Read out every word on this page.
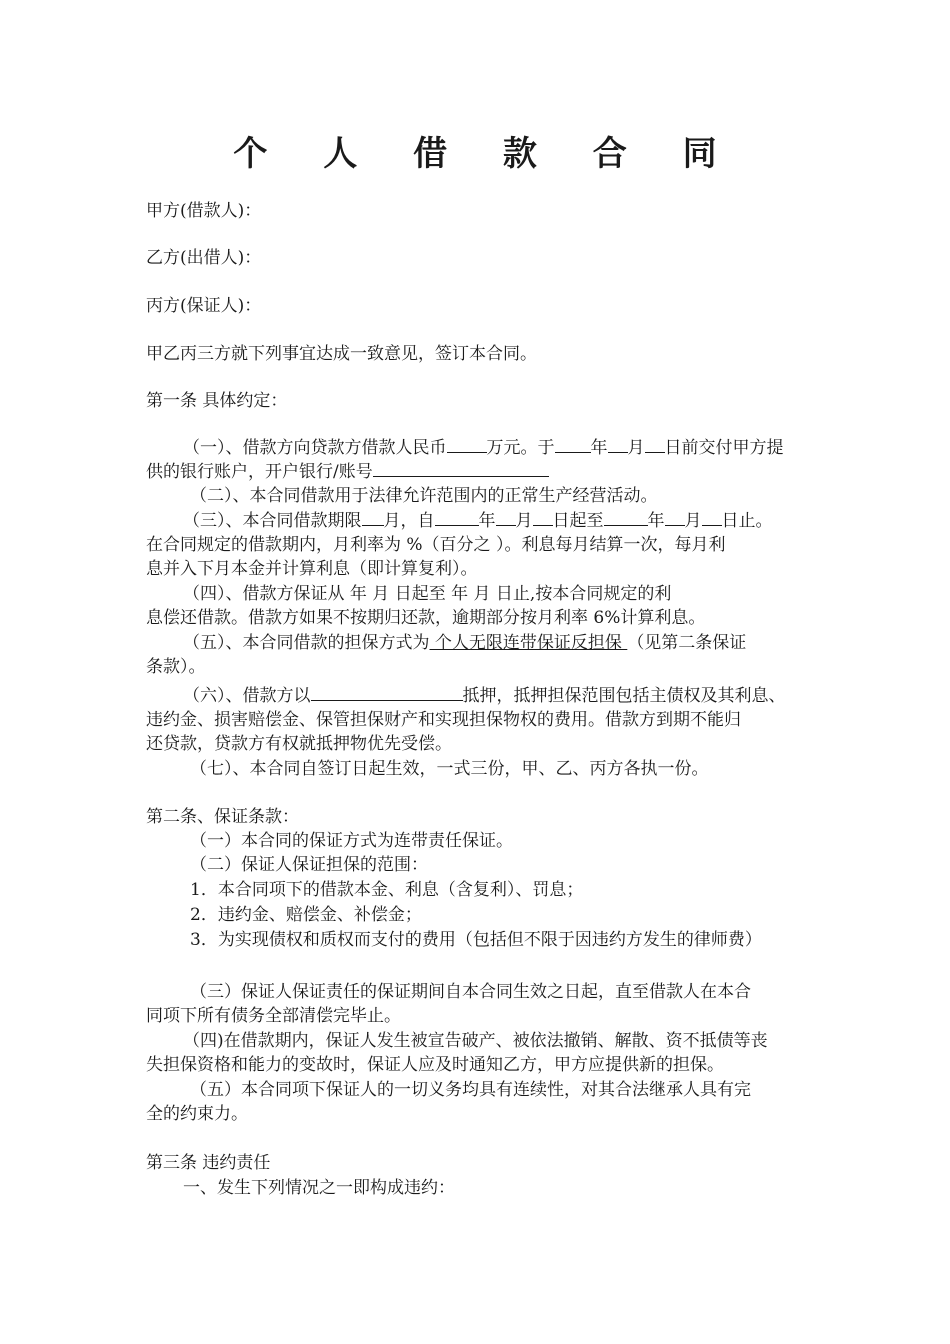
个 人 借 款 合 同
甲方(借款人)：
乙方(出借人)：
丙方(保证人)：
甲乙丙三方就下列事宜达成一致意见，签订本合同。
第一条 具体约定：
（一）、借款方向贷款方借款人民币 万元。于 年 月 日前交付甲方提
供的银行账户，开户银行/账号
（二）、本合同借款用于法律允许范围内的正常生产经营活动。
（三）、本合同借款期限 月，自	年 月 日起至	年 月 日止。
在合同规定的借款期内，月利率为 %（百分之 ）。利息每月结算一次，每月利
息并入下月本金并计算利息（即计算复利）。
（四）、借款方保证从 年 月 日起至 年 月 日止,按本合同规定的利
息偿还借款。借款方如果不按期归还款，逾期部分按月利率 6%计算利息。
（五）、本合同借款的担保方式为 个人无限连带保证反担保 （见第二条保证
条款）。
（六）、借款方以	抵押，抵押担保范围包括主债权及其利息、
违约金、损害赔偿金、保管担保财产和实现担保物权的费用。借款方到期不能归
还贷款，贷款方有权就抵押物优先受偿。
（七）、本合同自签订日起生效，一式三份，甲、乙、丙方各执一份。
第二条、保证条款：
（一）本合同的保证方式为连带责任保证。
（二）保证人保证担保的范围：
1．本合同项下的借款本金、利息（含复利）、罚息；
2．违约金、赔偿金、补偿金；
3．为实现债权和质权而支付的费用（包括但不限于因违约方发生的律师费）
（三）保证人保证责任的保证期间自本合同生效之日起，直至借款人在本合
同项下所有债务全部清偿完毕止。
（四)在借款期内，保证人发生被宣告破产、被依法撤销、解散、资不抵债等丧
失担保资格和能力的变故时，保证人应及时通知乙方，甲方应提供新的担保。
（五）本合同项下保证人的一切义务均具有连续性，对其合法继承人具有完
全的约束力。
第三条 违约责任
一、发生下列情况之一即构成违约：
